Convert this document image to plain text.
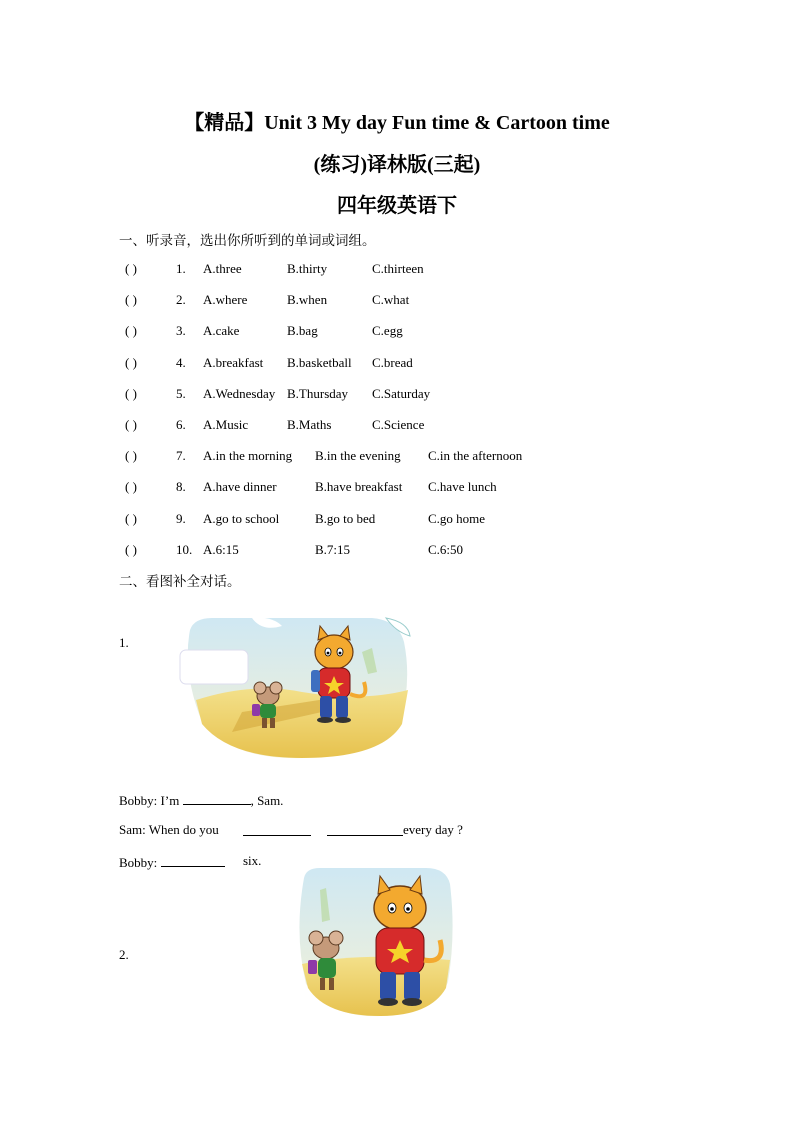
【精品】Unit 3 My day Fun time & Cartoon time
(练习)译林版(三起)
四年级英语下
一、听录音，选出你所听到的单词或词组。
( )	1. A.three	B.thirty	C.thirteen
( )	2. A.where	B.when	C.what
( )	3. A.cake	B.bag	C.egg
( )	4. A.breakfast B.basketball C.bread
( )	5. A.Wednesday B.Thursday C.Saturday
( )	6. A.Music	B.Maths	C.Science
( )	7. A.in the morning B.in the evening C.in the afternoon
( )	8. A.have dinner	B.have breakfast C.have lunch
( )	9. A.go to school	B.go to bed	C.go home
( )	10. A.6:15	B.7:15	C.6:50
二、看图补全对话。
1.
Bobby: I’m	, Sam.
Sam: When do you	every day ?
Bobby:	six.
2.
